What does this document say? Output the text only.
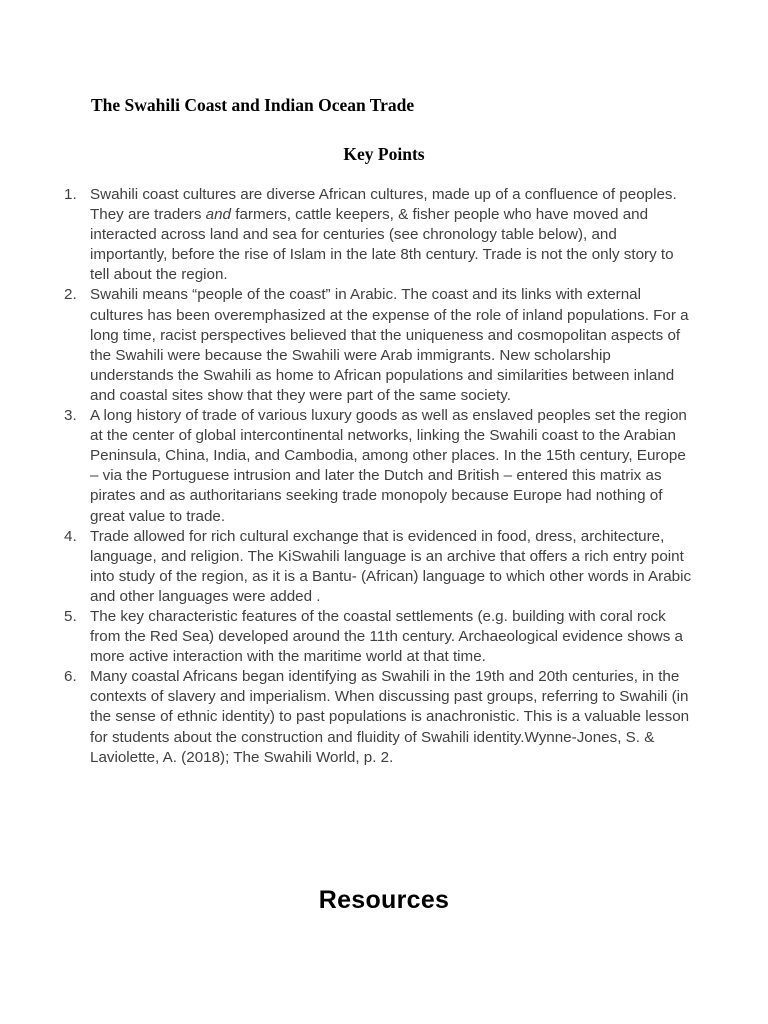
The Swahili Coast and Indian Ocean Trade
Key Points
1. Swahili coast cultures are diverse African cultures, made up of a confluence of peoples. They are traders and farmers, cattle keepers, & fisher people who have moved and interacted across land and sea for centuries (see chronology table below), and importantly, before the rise of Islam in the late 8th century. Trade is not the only story to tell about the region.
2. Swahili means “people of the coast” in Arabic. The coast and its links with external cultures has been overemphasized at the expense of the role of inland populations. For a long time, racist perspectives believed that the uniqueness and cosmopolitan aspects of the Swahili were because the Swahili were Arab immigrants. New scholarship understands the Swahili as home to African populations and similarities between inland and coastal sites show that they were part of the same society.
3. A long history of trade of various luxury goods as well as enslaved peoples set the region at the center of global intercontinental networks, linking the Swahili coast to the Arabian Peninsula, China, India, and Cambodia, among other places. In the 15th century, Europe – via the Portuguese intrusion and later the Dutch and British – entered this matrix as pirates and as authoritarians seeking trade monopoly because Europe had nothing of great value to trade.
4. Trade allowed for rich cultural exchange that is evidenced in food, dress, architecture, language, and religion. The KiSwahili language is an archive that offers a rich entry point into study of the region, as it is a Bantu- (African) language to which other words in Arabic and other languages were added .
5. The key characteristic features of the coastal settlements (e.g. building with coral rock from the Red Sea) developed around the 11th century. Archaeological evidence shows a more active interaction with the maritime world at that time.
6. Many coastal Africans began identifying as Swahili in the 19th and 20th centuries, in the contexts of slavery and imperialism. When discussing past groups, referring to Swahili (in the sense of ethnic identity) to past populations is anachronistic. This is a valuable lesson for students about the construction and fluidity of Swahili identity.Wynne-Jones, S. & Laviolette, A. (2018); The Swahili World, p. 2.
Resources
